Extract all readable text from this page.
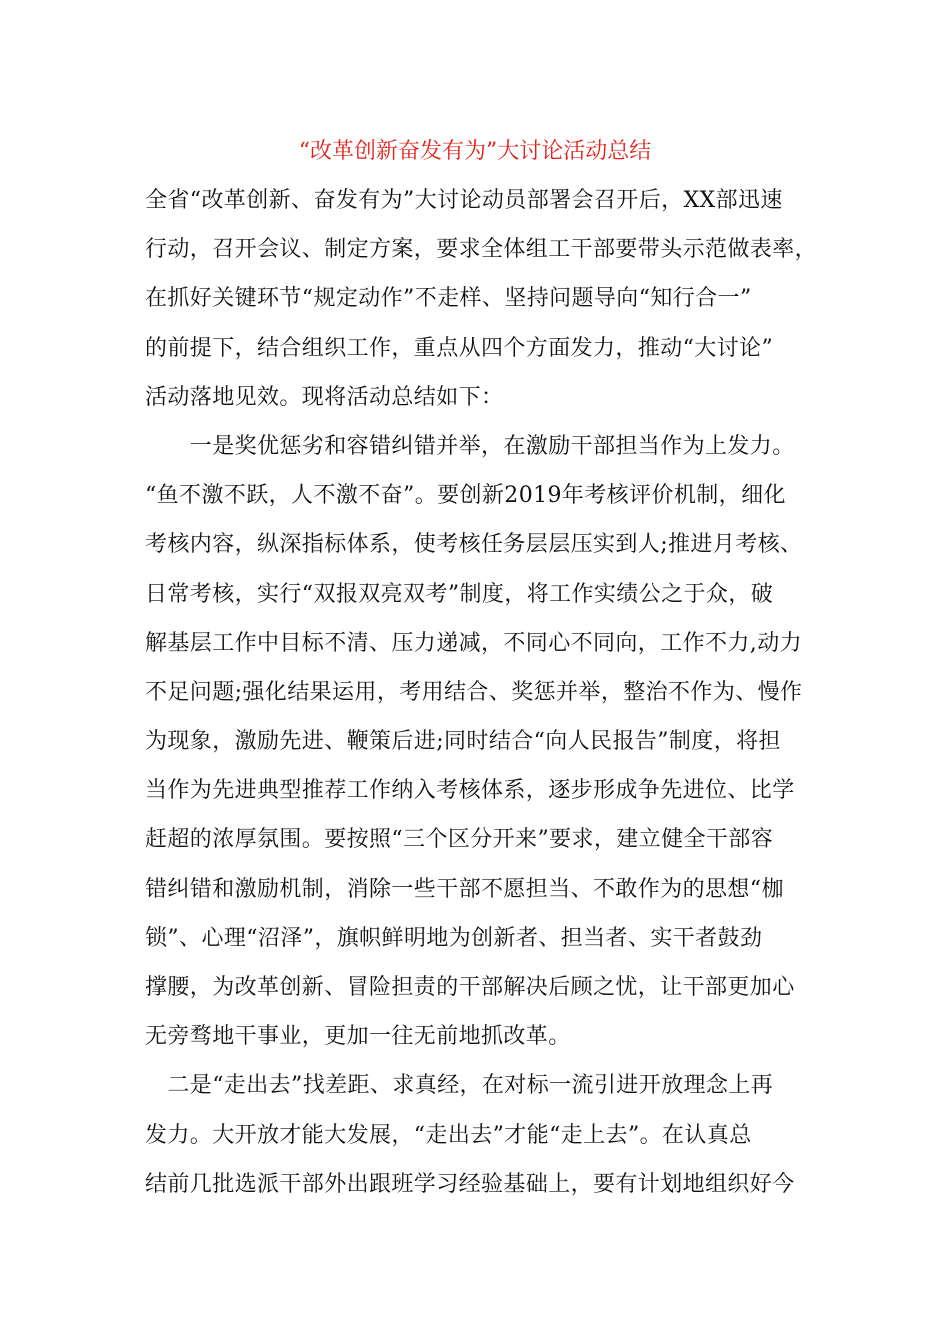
“改革创新奋发有为”大讨论活动总结
全省“改革创新、奋发有为”大讨论动员部署会召开后，XX部迅速
行动，召开会议、制定方案，要求全体组工干部要带头示范做表率，
在抓好关键环节“规定动作”不走样、坚持问题导向“知行合一”
的前提下，结合组织工作，重点从四个方面发力，推动“大讨论”
活动落地见效。现将活动总结如下：
　　一是奖优惩劣和容错纠错并举，在激励干部担当作为上发力。
“鱼不激不跃，人不激不奋”。要创新2019年考核评价机制，细化
考核内容，纵深指标体系，使考核任务层层压实到人;推进月考核、
日常考核，实行“双报双亮双考”制度，将工作实绩公之于众，破
解基层工作中目标不清、压力递减，不同心不同向，工作不力,动力
不足问题;强化结果运用，考用结合、奖惩并举，整治不作为、慢作
为现象，激励先进、鞭策后进;同时结合“向人民报告”制度，将担
当作为先进典型推荐工作纳入考核体系，逐步形成争先进位、比学
赶超的浓厚氛围。要按照“三个区分开来”要求，建立健全干部容
错纠错和激励机制，消除一些干部不愿担当、不敢作为的思想“枷
锁”、心理“沼泽”，旗帜鲜明地为创新者、担当者、实干者鼓劲
撑腰，为改革创新、冒险担责的干部解决后顾之忧，让干部更加心
无旁骛地干事业，更加一往无前地抓改革。
　二是“走出去”找差距、求真经，在对标一流引进开放理念上再
发力。大开放才能大发展，“走出去”才能“走上去”。在认真总
结前几批选派干部外出跟班学习经验基础上，要有计划地组织好今
